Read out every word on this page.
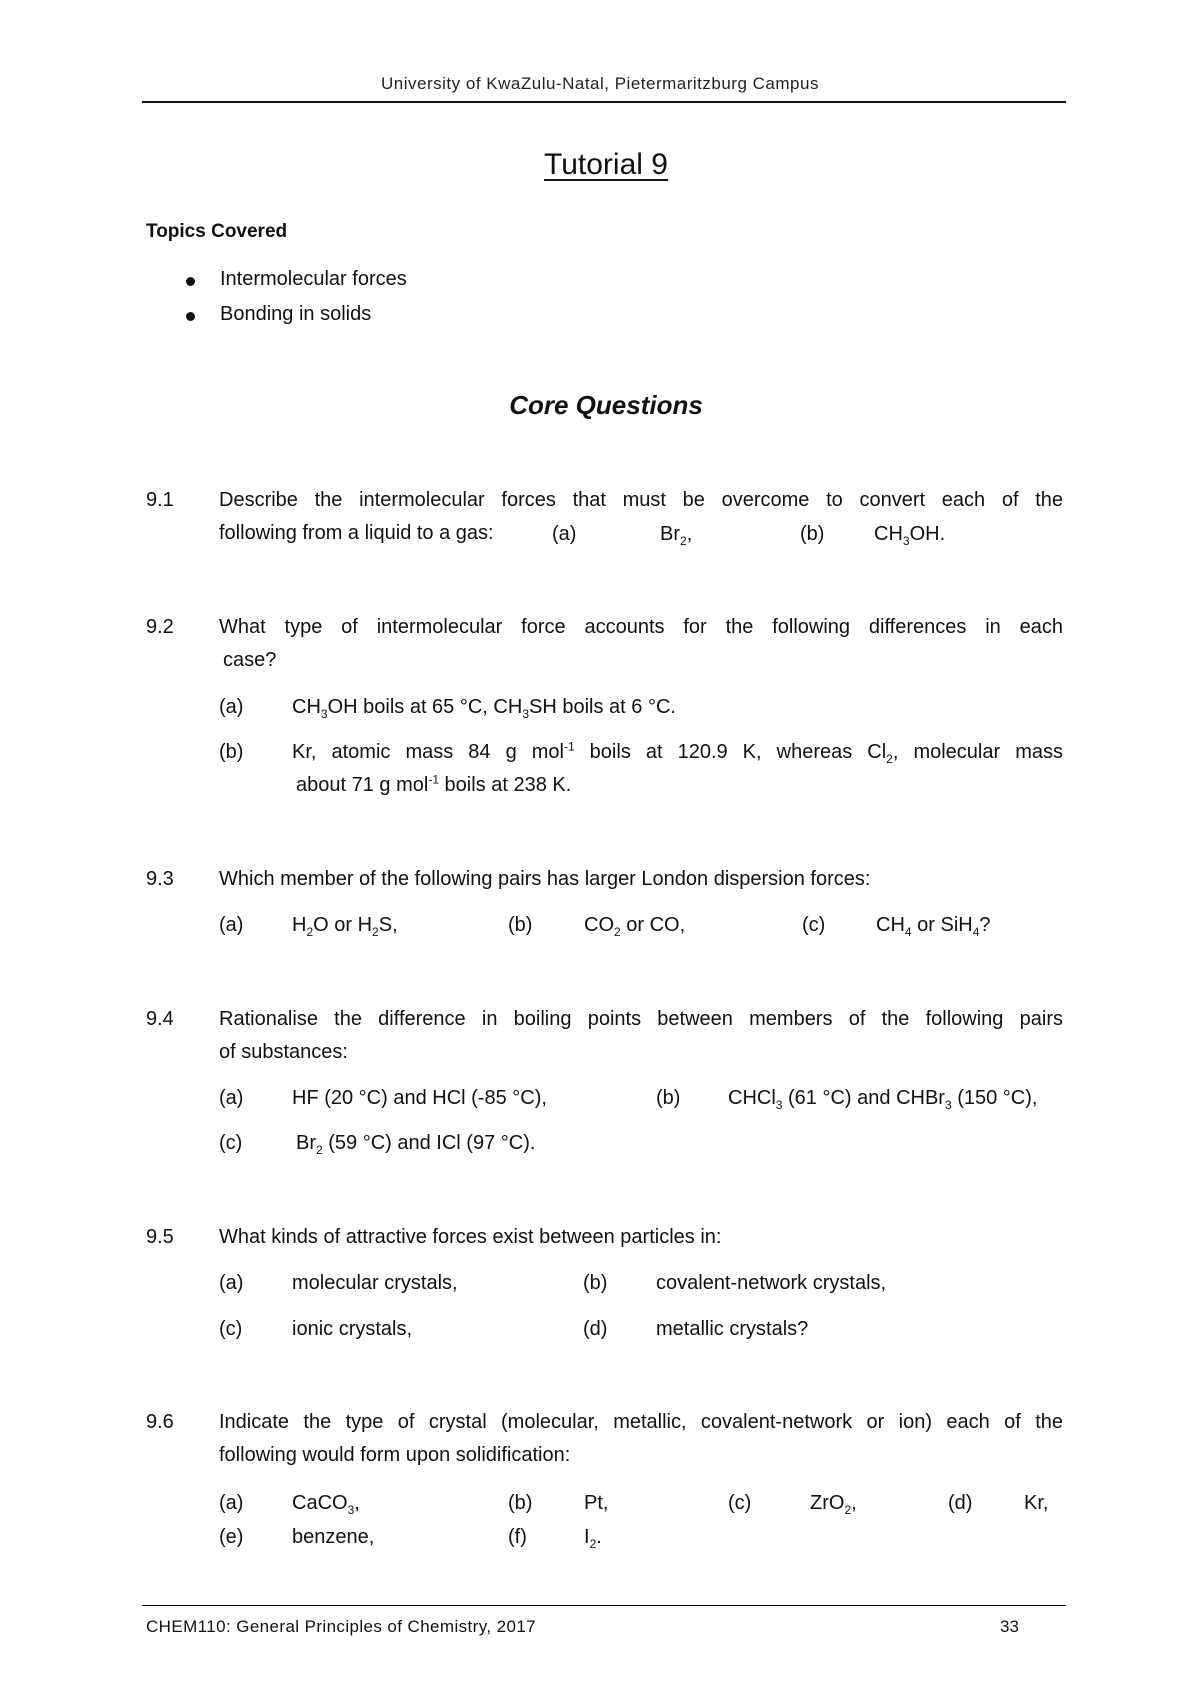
University of KwaZulu-Natal, Pietermaritzburg Campus
Tutorial 9
Topics Covered
Intermolecular forces
Bonding in solids
Core Questions
9.1 Describe the intermolecular forces that must be overcome to convert each of the
following from a liquid to a gas:	(a)	$Br_2$,	(b) $CH_3OH$.
9.2 What type of intermolecular force accounts for the following differences in each
case?
(a) $CH_3OH$ boils at 65 °C, $CH_3SH$ boils at 6 °C.
(b) Kr, atomic mass 84 g mol$^{-1}$ boils at 120.9 K, whereas $Cl_2$, molecular mass
about 71 g mol$^{-1}$ boils at 238 K.
9.3 Which member of the following pairs has larger London dispersion forces:
(a) $H_2O$ or $H_2S$,	(b)	$CO_2$ or CO,	(c)	$CH_4$ or SiH$_4$?
9.4 Rationalise the difference in boiling points between members of the following pairs
of substances:
(a) HF (20 °C) and HCl (-85 °C),	(b) CHCl$_3$ (61 °C) and CHBr$_3$ (150 °C),
(c)	$Br_2$ (59 °C) and ICl (97 °C).
9.5 What kinds of attractive forces exist between particles in:
(a) molecular crystals,	(b) covalent-network crystals,
(c) ionic crystals,	(d) metallic crystals?
9.6 Indicate the type of crystal (molecular, metallic, covalent-network or ion) each of the
following would form upon solidification:
(a) CaCO$_3$,	(b)	Pt,	(c)	ZrO$_2$,	(d)	Kr,
(e) benzene,	(f)	$I_2$.
CHEM110: General Principles of Chemistry, 2017	33
